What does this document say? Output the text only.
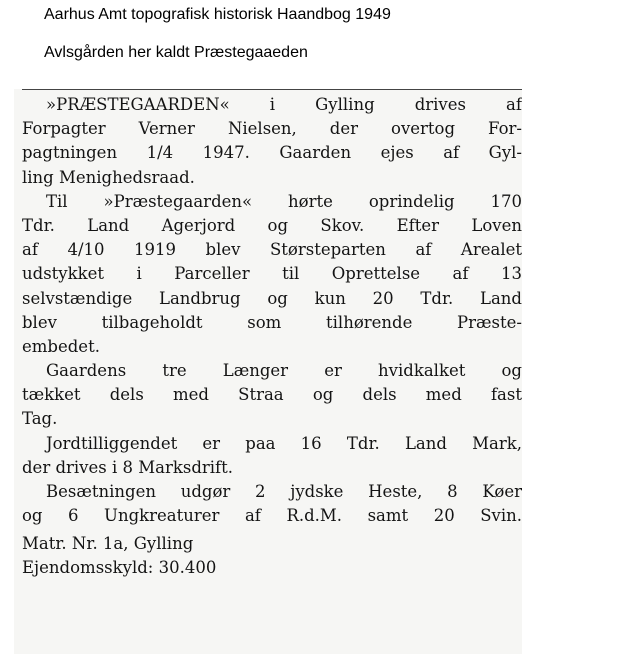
Aarhus Amt topografisk historisk Haandbog 1949
Avlsgården her kaldt Præstegaaeden
»PRÆSTEGAARDEN« i Gylling drives af
Forpagter Verner Nielsen, der overtog For-
pagtningen 1/4 1947. Gaarden ejes af Gyl-
ling Menighedsraad.
Til »Præstegaarden« hørte oprindelig 170
Tdr. Land Agerjord og Skov. Efter Loven
af 4/10 1919 blev Størsteparten af Arealet
udstykket i Parceller til Oprettelse af 13
selvstændige Landbrug og kun 20 Tdr. Land
blev tilbageholdt som tilhørende Præste-
embedet.
Gaardens tre Længer er hvidkalket og
tækket dels med Straa og dels med fast
Tag.
Jordtilliggendet er paa 16 Tdr. Land Mark,
der drives i 8 Marksdrift.
Besætningen udgør 2 jydske Heste, 8 Køer
og 6 Ungkreaturer af R.d.M. samt 20 Svin.
Matr. Nr. 1a, Gylling
Ejendomsskyld: 30.400
